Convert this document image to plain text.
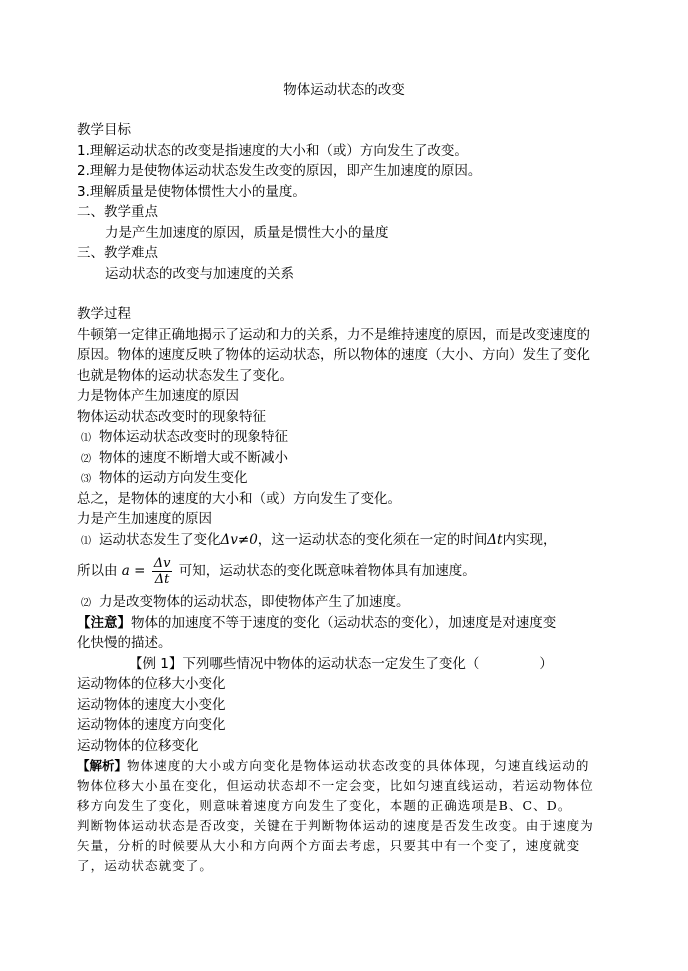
物体运动状态的改变
教学目标
1.理解运动状态的改变是指速度的大小和（或）方向发生了改变。
2.理解力是使物体运动状态发生改变的原因，即产生加速度的原因。
3.理解质量是使物体惯性大小的量度。
二、教学重点
力是产生加速度的原因，质量是惯性大小的量度
三、教学难点
运动状态的改变与加速度的关系
教学过程
牛顿第一定律正确地揭示了运动和力的关系，力不是维持速度的原因，而是改变速度的
原因。物体的速度反映了物体的运动状态，所以物体的速度（大小、方向）发生了变化
也就是物体的运动状态发生了变化。
力是物体产生加速度的原因
物体运动状态改变时的现象特征
⑴ 物体运动状态改变时的现象特征
⑵ 物体的速度不断增大或不断减小
⑶ 物体的运动方向发生变化
总之，是物体的速度的大小和（或）方向发生了变化。
力是产生加速度的原因
⑴ 运动状态发生了变化Δv≠0，这一运动状态的变化须在一定的时间Δt内实现，
所以由 $a = \frac{\Delta v}{\Delta t}$ 可知，运动状态的变化既意味着物体具有加速度。
⑵ 力是改变物体的运动状态，即使物体产生了加速度。
【注意】物体的加速度不等于速度的变化（运动状态的变化），加速度是对速度变
化快慢的描述。
【例 1】下列哪些情况中物体的运动状态一定发生了变化（	）
运动物体的位移大小变化
运动物体的速度大小变化
运动物体的速度方向变化
运动物体的位移变化
【解析】物体速度的大小或方向变化是物体运动状态改变的具体体现，匀速直线运动的
物体位移大小虽在变化，但运动状态却不一定会变，比如匀速直线运动，若运动物体位
移方向发生了变化，则意味着速度方向发生了变化，本题的正确选项是B、C、D。
判断物体运动状态是否改变，关键在于判断物体运动的速度是否发生改变。由于速度为
矢量，分析的时候要从大小和方向两个方面去考虑，只要其中有一个变了，速度就变
了，运动状态就变了。
